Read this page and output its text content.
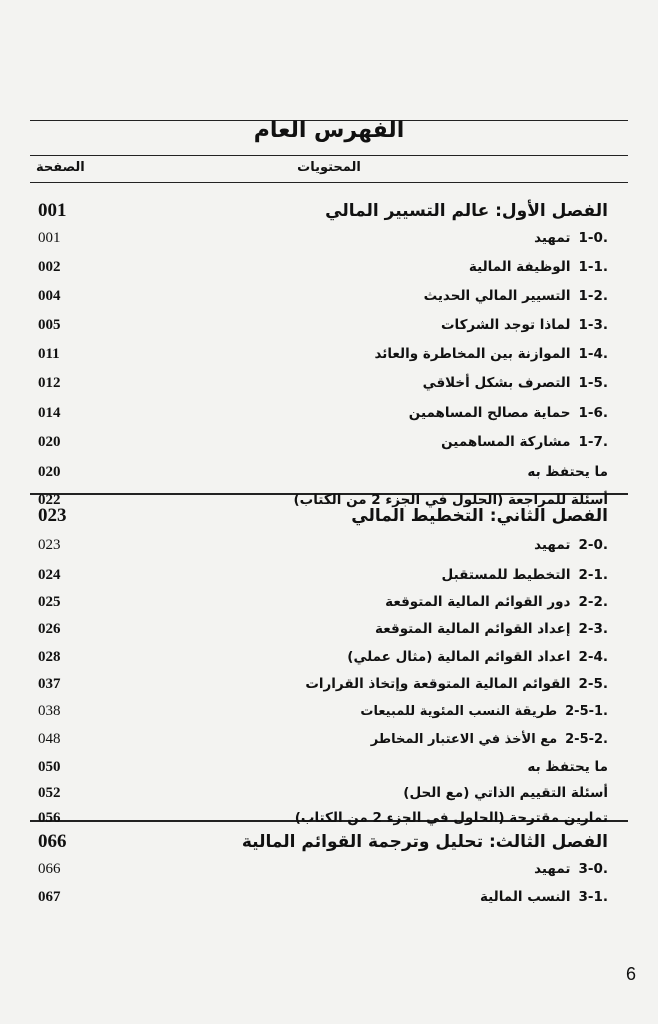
الفهرس العام
المحتويات
الصفحة
الفصل الأول: عالم التسيير المالي
001
1-0.
تمهيد
001
1-1.
الوظيفة المالية
002
1-2.
التسيير المالي الحديث
004
1-3.
لماذا توجد الشركات
005
1-4.
الموازنة بين المخاطرة والعائد
011
1-5.
التصرف بشكل أخلاقي
012
1-6.
حماية مصالح المساهمين
014
1-7.
مشاركة المساهمين
020
ما يحتفظ به
020
أسئلة للمراجعة (الحلول في الجزء 2 من الكتاب)
022
الفصل الثاني: التخطيط المالي
023
2-0.
تمهيد
023
2-1.
التخطيط للمستقبل
024
2-2.
دور القوائم المالية المتوقعة
025
2-3.
إعداد القوائم المالية المتوقعة
026
2-4.
اعداد القوائم المالية (مثال عملي)
028
2-5.
القوائم المالية المتوقعة وإتخاذ القرارات
037
2-5-1.
طريقة النسب المئوية للمبيعات
038
2-5-2.
مع الأخذ في الاعتبار المخاطر
048
ما يحتفظ به
050
أسئلة التقييم الذاتي (مع الحل)
052
تمارين مقترحة (الحلول في الجزء 2 من الكتاب)
056
الفصل الثالث: تحليل وترجمة القوائم المالية
066
3-0.
تمهيد
066
3-1.
النسب المالية
067
6
